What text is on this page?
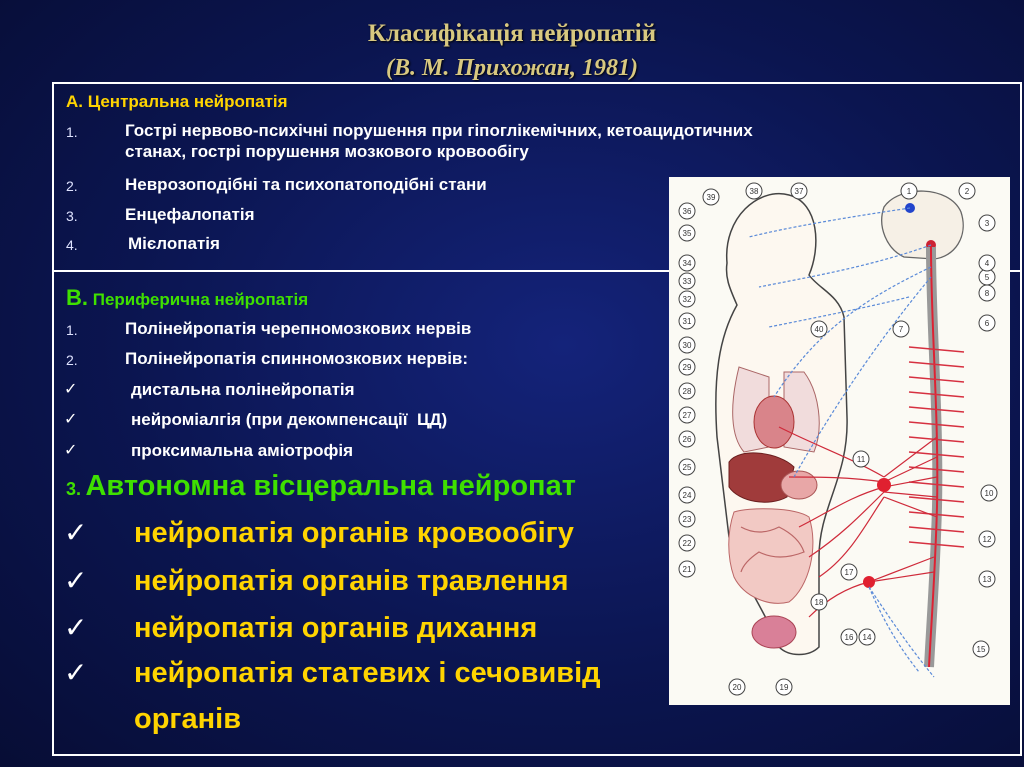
Класифікація нейропатій
(В. М. Прихожан, 1981)
А. Центральна нейропатія
1.	Гострі нервово-психічні порушення при гіпоглікемічних, кетоацидотичних
станах, гострі порушення мозкового кровообігу
2.	Неврозоподібні та психопатоподібні стани
3.	Енцефалопатія
4.	Мієлопатія
В. Периферична нейропатія
1.	Полінейропатія черепномозкових нервів
2.	Полінейропатія спинномозкових нервів:
✓	дистальна полінейропатія
✓	нейроміалгія (при декомпенсації  ЦД)
✓	проксимальна аміотрофія
3. Автономна вісцеральна нейропат
✓ нейропатія органів кровообігу
✓ нейропатія органів травлення
✓ нейропатія органів дихання
✓ нейропатія статевих і сечовивід
органів
39
38	37
36
35
34
33
32
31
30
29
28
27
26
25
24
23
22
21
20	19
18
17
16
15
14
13
12
11
10
3
8
7
6
5
4
2
1
40
